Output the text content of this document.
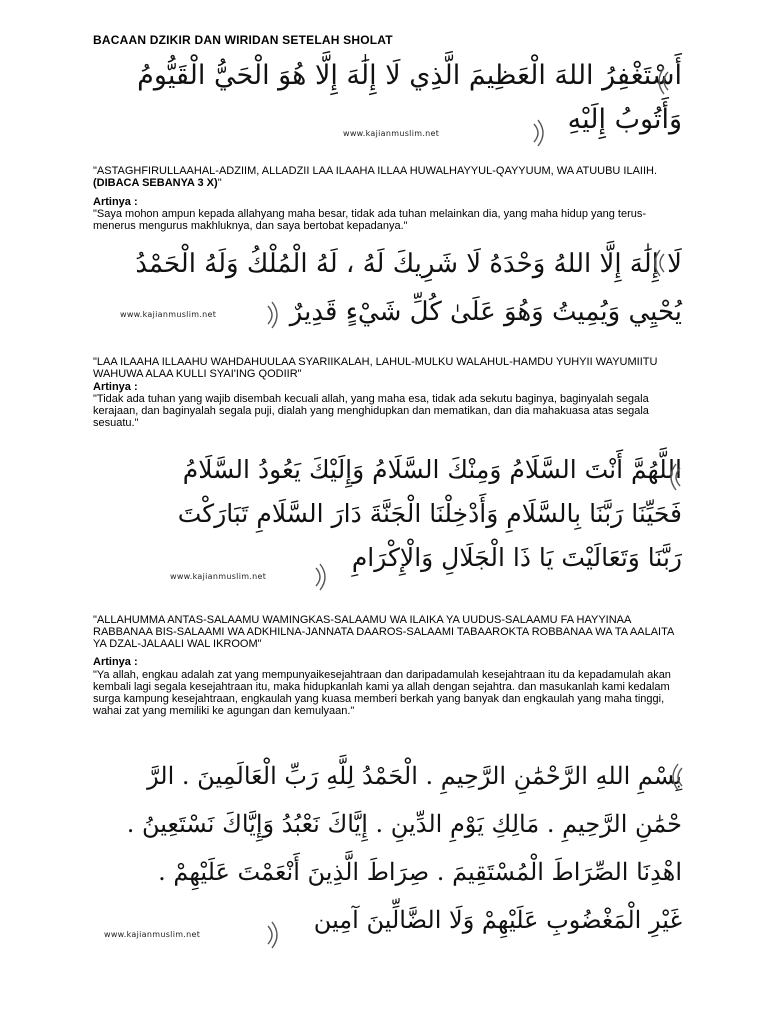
BACAAN DZIKIR DAN WIRIDAN SETELAH SHOLAT
أَسْتَغْفِرُ اللهَ الْعَظِيمَ الَّذِي لَا إِلَٰهَ إِلَّا هُوَ الْحَيُّ الْقَيُّومُ
وَأَتُوبُ إِلَيْهِ
www.kajianmuslim.net
"ASTAGHFIRULLAAHAL-ADZIIM, ALLADZII LAA ILAAHA ILLAA HUWALHAYYUL-QAYYUUM, WA ATUUBU ILAIIH. (DIBACA SEBANYA 3 X)"
Artinya :
"Saya mohon ampun kepada allahyang maha besar, tidak ada tuhan melainkan dia, yang maha hidup yang terus-menerus mengurus makhluknya, dan saya bertobat kepadanya."
لَا إِلَٰهَ إِلَّا اللهُ وَحْدَهُ لَا شَرِيكَ لَهُ ، لَهُ الْمُلْكُ وَلَهُ الْحَمْدُ
يُحْيِي وَيُمِيتُ وَهُوَ عَلَىٰ كُلِّ شَيْءٍ قَدِيرٌ
www.kajianmuslim.net
"LAA ILAAHA ILLAAHU WAHDAHUULAA SYARIIKALAH, LAHUL-MULKU WALAHUL-HAMDU YUHYII WAYUMIITU WAHUWA ALAA KULLI SYAI'ING QODIIR"
Artinya :
"Tidak ada tuhan yang wajib disembah kecuali allah, yang maha esa, tidak ada sekutu baginya, baginyalah segala kerajaan, dan baginyalah segala puji, dialah yang menghidupkan dan mematikan, dan dia mahakuasa atas segala sesuatu."
اللَّهُمَّ أَنْتَ السَّلَامُ وَمِنْكَ السَّلَامُ وَإِلَيْكَ يَعُودُ السَّلَامُ
فَحَيِّنَا رَبَّنَا بِالسَّلَامِ وَأَدْخِلْنَا الْجَنَّةَ دَارَ السَّلَامِ تَبَارَكْتَ
رَبَّنَا وَتَعَالَيْتَ يَا ذَا الْجَلَالِ وَالْإِكْرَامِ
www.kajianmuslim.net
"ALLAHUMMA ANTAS-SALAAMU WAMINGKAS-SALAAMU WA ILAIKA YA UUDUS-SALAAMU FA HAYYINAA RABBANAA BIS-SALAAMI WA ADKHILNA-JANNATA DAAROS-SALAAMI TABAAROKTA ROBBANAA WA TA AALAITA YA DZAL-JALAALI WAL IKROOM"
Artinya :
"Ya allah, engkau adalah zat yang mempunyaikesejahtraan dan daripadamulah kesejahtraan itu da kepadamulah akan kembali lagi segala kesejahtraan itu, maka hidupkanlah kami ya allah dengan sejahtra. dan masukanlah kami kedalam surga kampung kesejahtraan, engkaulah yang kuasa memberi berkah yang banyak dan engkaulah yang maha tinggi, wahai zat yang memiliki ke agungan dan kemulyaan."
بِسْمِ اللهِ الرَّحْمَٰنِ الرَّحِيمِ . الْحَمْدُ لِلَّهِ رَبِّ الْعَالَمِينَ . الرَّ
حْمَٰنِ الرَّحِيمِ . مَالِكِ يَوْمِ الدِّينِ . إِيَّاكَ نَعْبُدُ وَإِيَّاكَ نَسْتَعِينُ .
اهْدِنَا الصِّرَاطَ الْمُسْتَقِيمَ . صِرَاطَ الَّذِينَ أَنْعَمْتَ عَلَيْهِمْ .
غَيْرِ الْمَغْضُوبِ عَلَيْهِمْ وَلَا الضَّالِّينَ آمِين
www.kajianmuslim.net
